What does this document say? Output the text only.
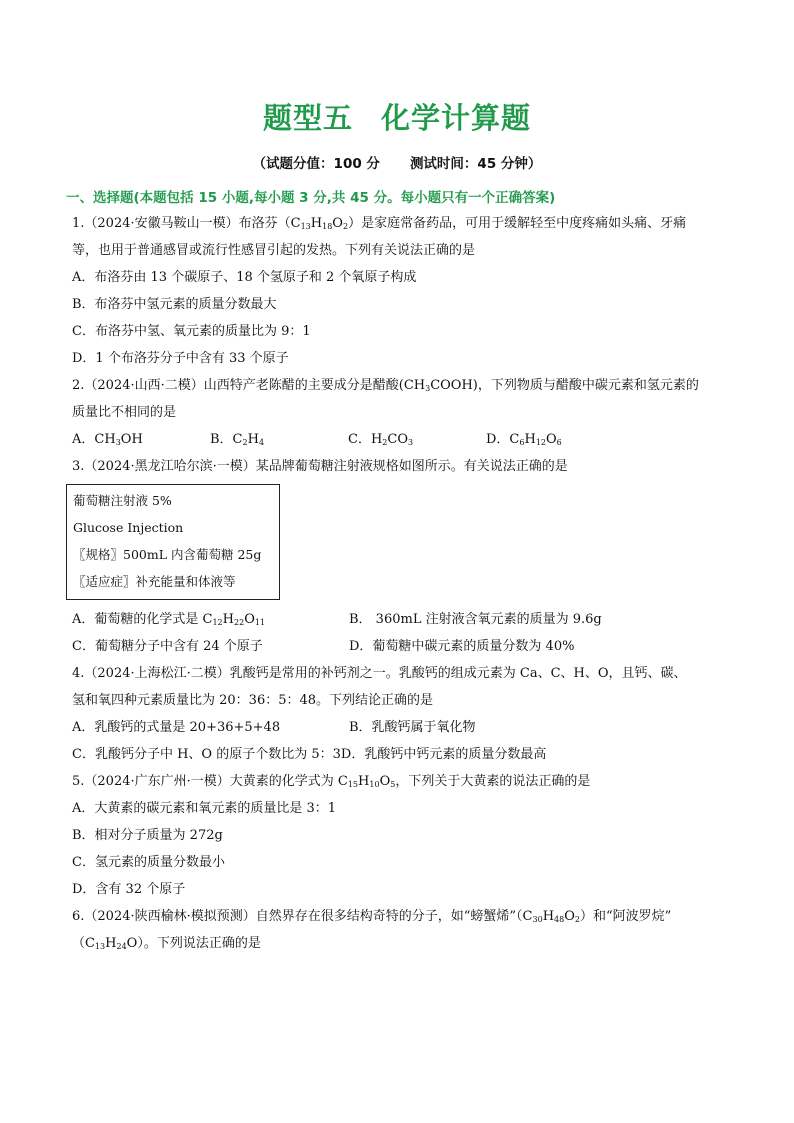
题型五 化学计算题
（试题分值：100 分 测试时间：45 分钟）
一、选择题(本题包括 15 小题,每小题 3 分,共 45 分。每小题只有一个正确答案)
1.（2024·安徽马鞍山一模）布洛芬$(C_{13}H_{18}O_2)$是家庭常备药品，可用于缓解轻至中度疼痛如头痛、牙痛
等，也用于普通感冒或流行性感冒引起的发热。下列有关说法正确的是
A．布洛芬由 13 个碳原子、18 个氢原子和 2 个氧原子构成
B．布洛芬中氢元素的质量分数最大
C．布洛芬中氢、氧元素的质量比为 9：1
D．1 个布洛芬分子中含有 33 个原子
2.（2024·山西·二模）山西特产老陈醋的主要成分是醋酸$(CH_3COOH)$，下列物质与醋酸中碳元素和氢元素的
质量比不相同的是
A．$CH_3OH$	B．$C_2H_4$	C．$H_2CO_3$	D．$C_6H_{12}O_6$
3.（2024·黑龙江哈尔滨·一模）某品牌葡萄糖注射液规格如图所示。有关说法正确的是
葡萄糖注射液 5%
Glucose Injection
〖规格〗500mL 内含葡萄糖 25g
〖适应症〗补充能量和体液等
A．葡萄糖的化学式是 $C_{12}H_{22}O_{11}$	B． 360mL 注射液含氧元素的质量为 9.6g
C．葡萄糖分子中含有 24 个原子	D．葡萄糖中碳元素的质量分数为 40%
4.（2024·上海松江·二模）乳酸钙是常用的补钙剂之一。乳酸钙的组成元素为 Ca、C、H、O，且钙、碳、
氢和氧四种元素质量比为 20：36：5：48。下列结论正确的是
A．乳酸钙的式量是 20+36+5+48	B．乳酸钙属于氧化物
C．乳酸钙分子中 H、O 的原子个数比为 5：3 D．乳酸钙中钙元素的质量分数最高
5.（2024·广东广州·一模）大黄素的化学式为 $C_{15}H_{10}O_5$，下列关于大黄素的说法正确的是
A．大黄素的碳元素和氧元素的质量比是 3：1
B．相对分子质量为 272g
C．氢元素的质量分数最小
D．含有 32 个原子
6.（2024·陕西榆林·模拟预测）自然界存在很多结构奇特的分子，如“螃蟹烯$”(C_{30}H_{48}O_2)$和“阿波罗烷”
$(C_{13}H_{24}O)$。下列说法正确的是
